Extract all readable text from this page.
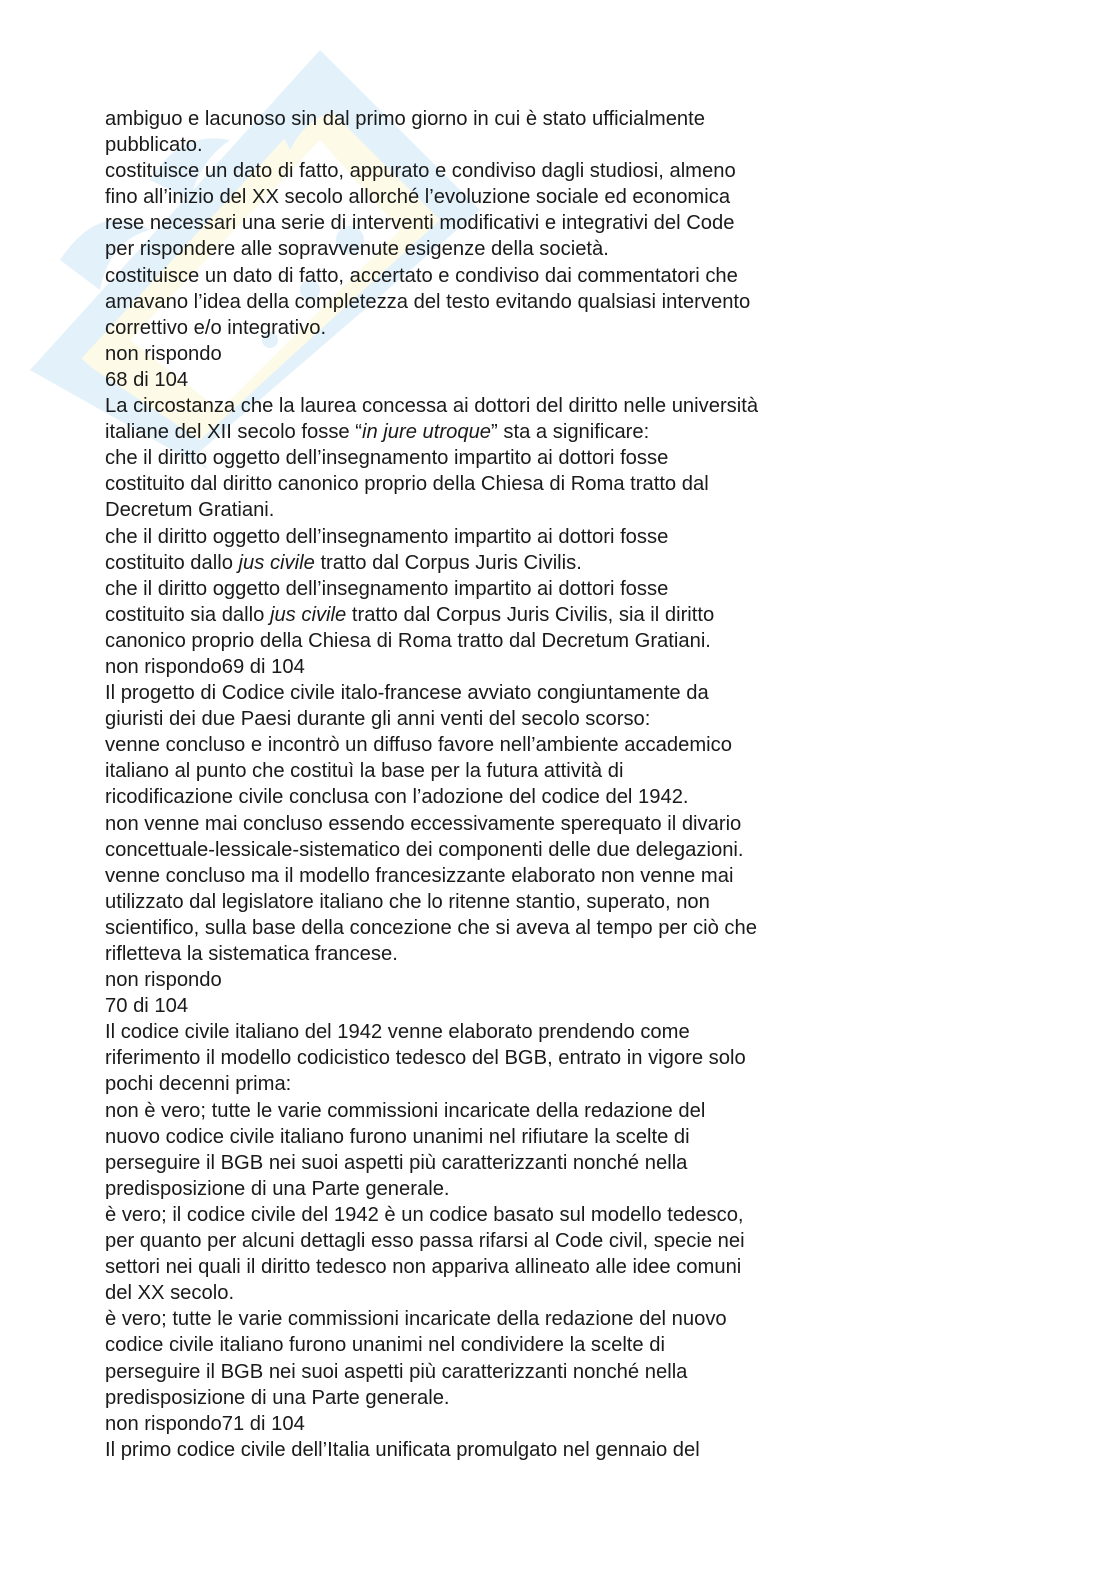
ambiguo e lacunoso sin dal primo giorno in cui è stato ufficialmente
pubblicato.
costituisce un dato di fatto, appurato e condiviso dagli studiosi, almeno
fino all’inizio del XX secolo allorché l’evoluzione sociale ed economica
rese necessari una serie di interventi modificativi e integrativi del Code
per rispondere alle sopravvenute esigenze della società.
costituisce un dato di fatto, accertato e condiviso dai commentatori che
amavano l’idea della completezza del testo evitando qualsiasi intervento
correttivo e/o integrativo.
non rispondo
68 di 104
La circostanza che la laurea concessa ai dottori del diritto nelle università
italiane del XII secolo fosse “in jure utroque” sta a significare:
che il diritto oggetto dell’insegnamento impartito ai dottori fosse
costituito dal diritto canonico proprio della Chiesa di Roma tratto dal
Decretum Gratiani.
che il diritto oggetto dell’insegnamento impartito ai dottori fosse
costituito dallo jus civile tratto dal Corpus Juris Civilis.
che il diritto oggetto dell’insegnamento impartito ai dottori fosse
costituito sia dallo jus civile tratto dal Corpus Juris Civilis, sia il diritto
canonico proprio della Chiesa di Roma tratto dal Decretum Gratiani.
non rispondo69 di 104
Il progetto di Codice civile italo-francese avviato congiuntamente da
giuristi dei due Paesi durante gli anni venti del secolo scorso:
venne concluso e incontrò un diffuso favore nell’ambiente accademico
italiano al punto che costituì la base per la futura attività di
ricodificazione civile conclusa con l’adozione del codice del 1942.
non venne mai concluso essendo eccessivamente sperequato il divario
concettuale-lessicale-sistematico dei componenti delle due delegazioni.
venne concluso ma il modello francesizzante elaborato non venne mai
utilizzato dal legislatore italiano che lo ritenne stantio, superato, non
scientifico, sulla base della concezione che si aveva al tempo per ciò che
rifletteva la sistematica francese.
non rispondo
70 di 104
Il codice civile italiano del 1942 venne elaborato prendendo come
riferimento il modello codicistico tedesco del BGB, entrato in vigore solo
pochi decenni prima:
non è vero; tutte le varie commissioni incaricate della redazione del
nuovo codice civile italiano furono unanimi nel rifiutare la scelte di
perseguire il BGB nei suoi aspetti più caratterizzanti nonché nella
predisposizione di una Parte generale.
è vero; il codice civile del 1942 è un codice basato sul modello tedesco,
per quanto per alcuni dettagli esso passa rifarsi al Code civil, specie nei
settori nei quali il diritto tedesco non appariva allineato alle idee comuni
del XX secolo.
è vero; tutte le varie commissioni incaricate della redazione del nuovo
codice civile italiano furono unanimi nel condividere la scelte di
perseguire il BGB nei suoi aspetti più caratterizzanti nonché nella
predisposizione di una Parte generale.
non rispondo71 di 104
Il primo codice civile dell’Italia unificata promulgato nel gennaio del
